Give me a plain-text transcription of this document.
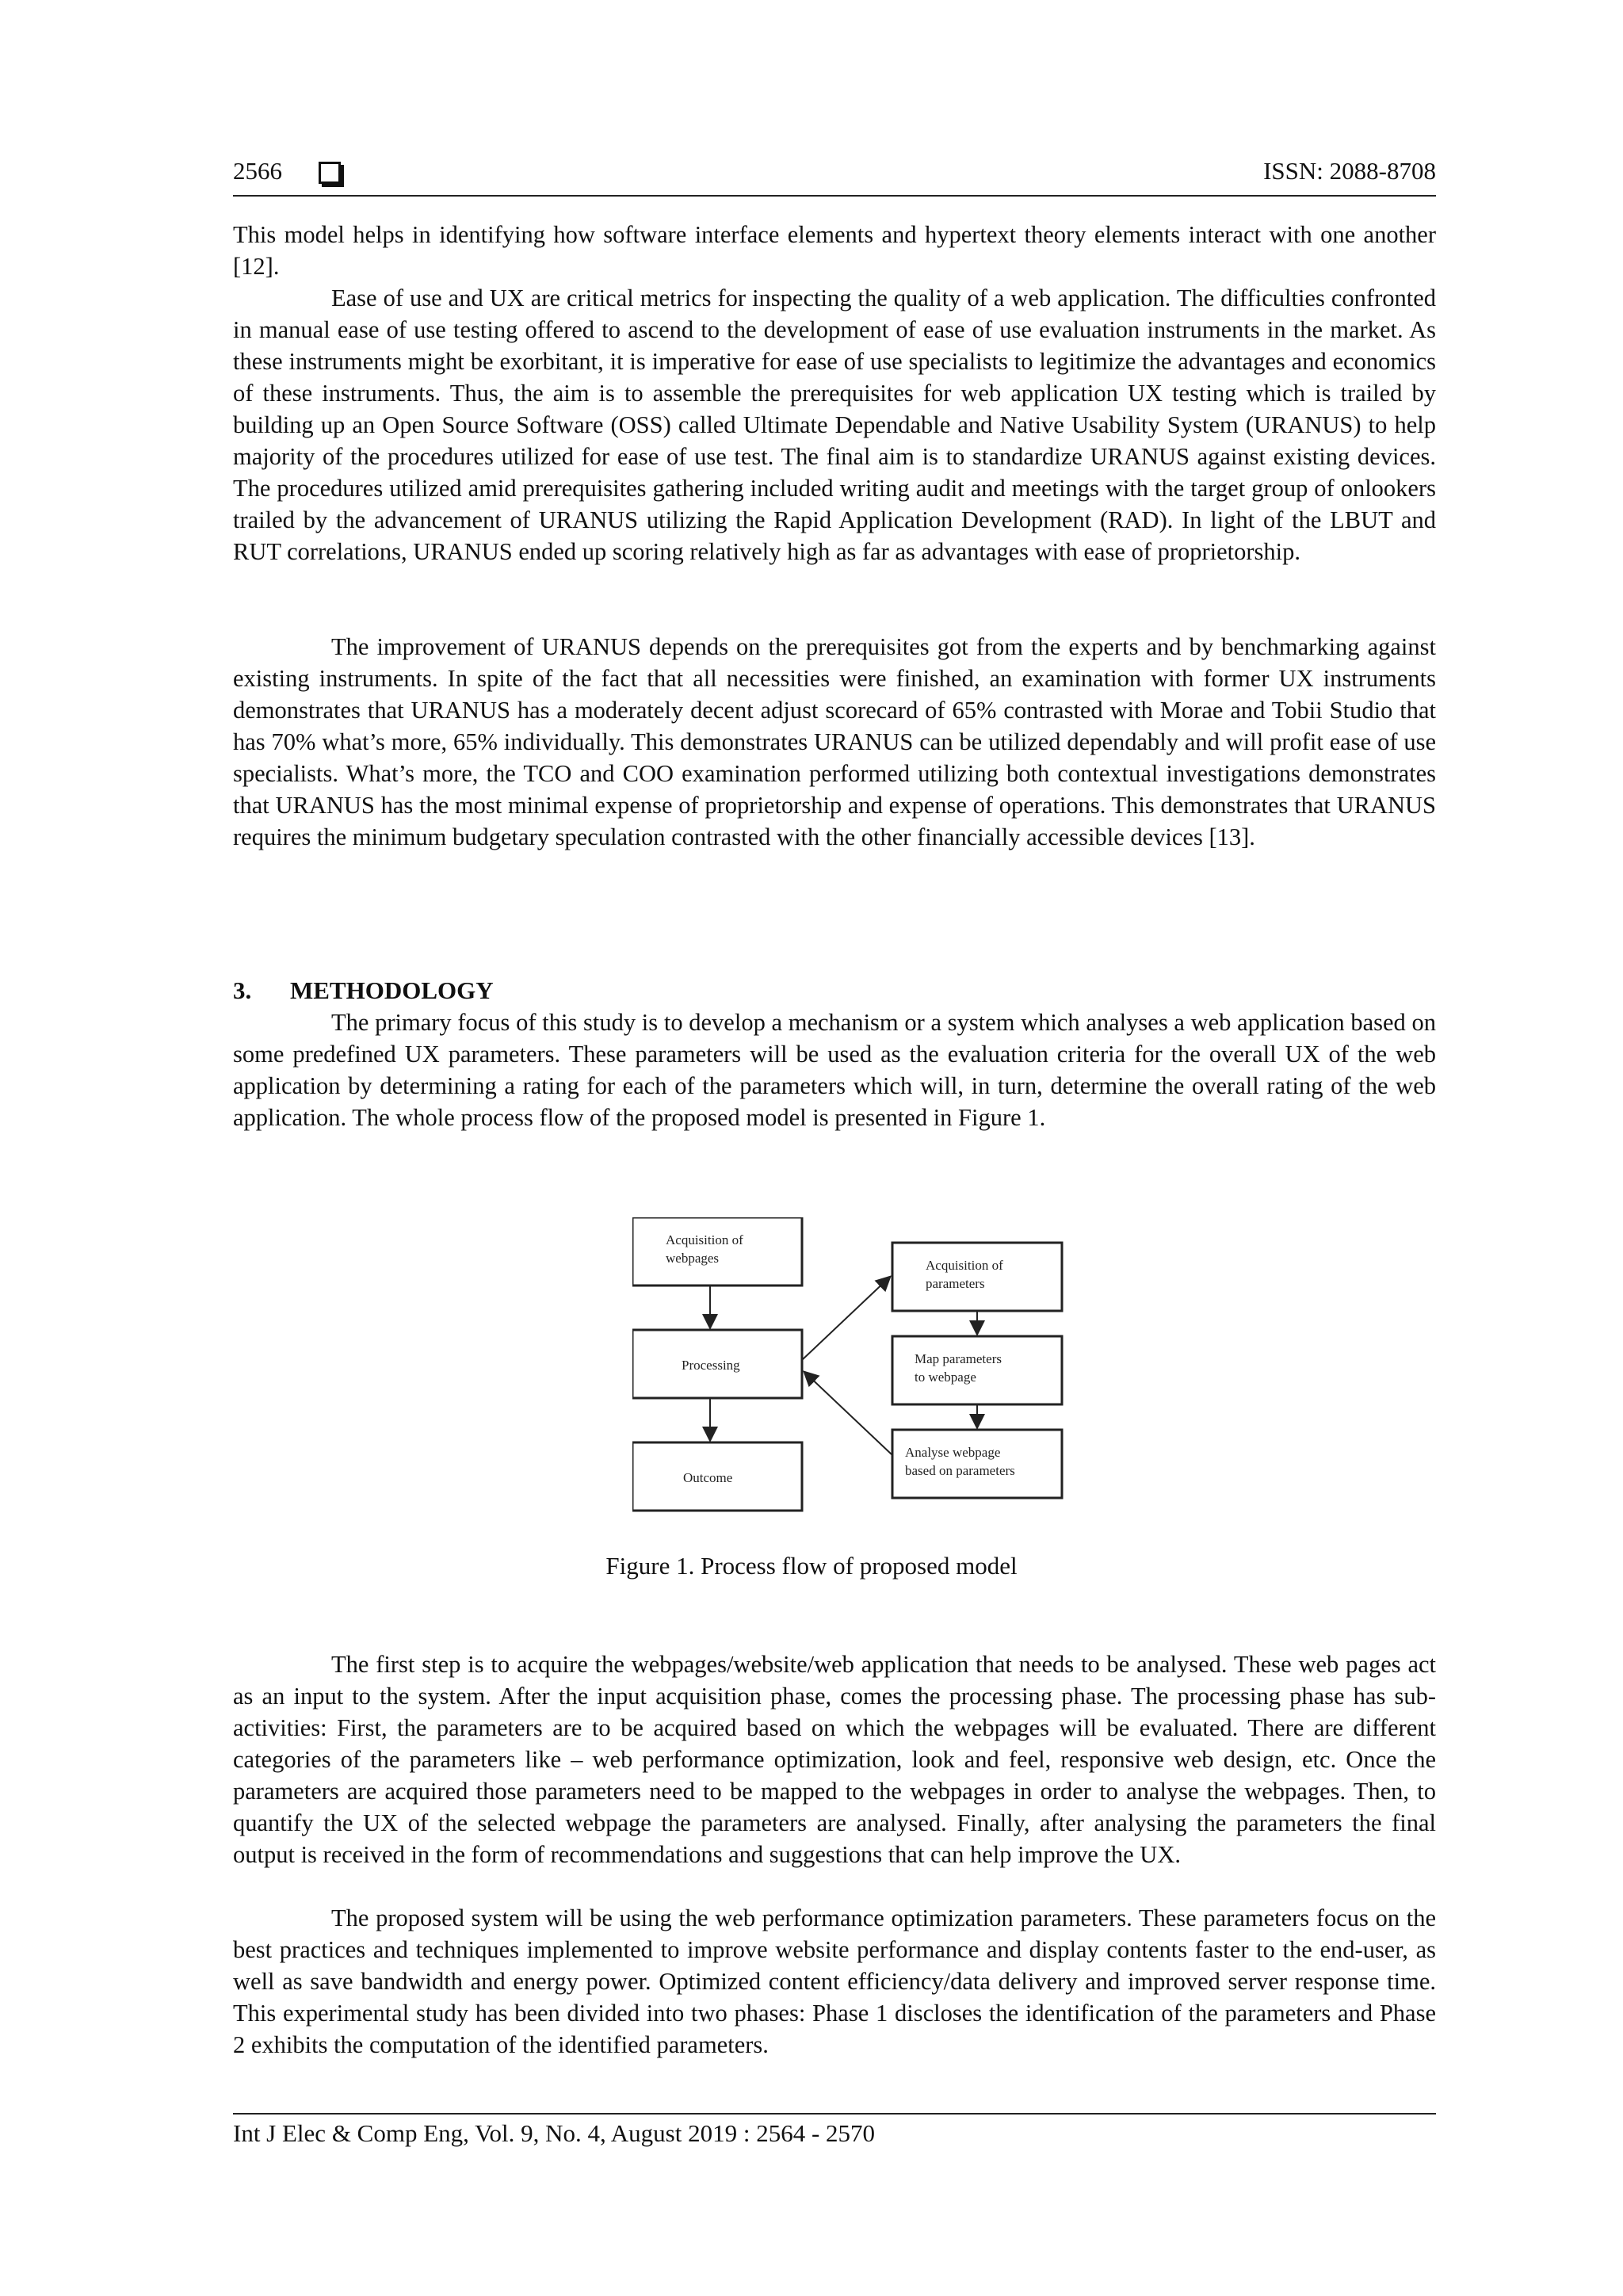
2566	ISSN: 2088-8708

This model helps in identifying how software interface elements and hypertext theory elements interact with one another [12].

Ease of use and UX are critical metrics for inspecting the quality of a web application. The difficulties confronted in manual ease of use testing offered to ascend to the development of ease of use evaluation instruments in the market. As these instruments might be exorbitant, it is imperative for ease of use specialists to legitimize the advantages and economics of these instruments. Thus, the aim is to assemble the prerequisites for web application UX testing which is trailed by building up an Open Source Software (OSS) called Ultimate Dependable and Native Usability System (URANUS) to help majority of the procedures utilized for ease of use test. The final aim is to standardize URANUS against existing devices. The procedures utilized amid prerequisites gathering included writing audit and meetings with the target group of onlookers trailed by the advancement of URANUS utilizing the Rapid Application Development (RAD). In light of the LBUT and RUT correlations, URANUS ended up scoring relatively high as far as advantages with ease of proprietorship.

The improvement of URANUS depends on the prerequisites got from the experts and by benchmarking against existing instruments. In spite of the fact that all necessities were finished, an examination with former UX instruments demonstrates that URANUS has a moderately decent adjust scorecard of 65% contrasted with Morae and Tobii Studio that has 70% what’s more, 65% individually. This demonstrates URANUS can be utilized dependably and will profit ease of use specialists. What’s more, the TCO and COO examination performed utilizing both contextual investigations demonstrates that URANUS has the most minimal expense of proprietorship and expense of operations. This demonstrates that URANUS requires the minimum budgetary speculation contrasted with the other financially accessible devices [13].

3. METHODOLOGY

The primary focus of this study is to develop a mechanism or a system which analyses a web application based on some predefined UX parameters. These parameters will be used as the evaluation criteria for the overall UX of the web application by determining a rating for each of the parameters which will, in turn, determine the overall rating of the web application. The whole process flow of the proposed model is presented in Figure 1.

Acquisition of
webpages
Processing
Outcome
Acquisition of
parameters
Map parameters
to webpage
Analyse webpage
based on parameters

Figure 1. Process flow of proposed model

The first step is to acquire the webpages/website/web application that needs to be analysed. These web pages act as an input to the system. After the input acquisition phase, comes the processing phase. The processing phase has sub-activities: First, the parameters are to be acquired based on which the webpages will be evaluated. There are different categories of the parameters like – web performance optimization, look and feel, responsive web design, etc. Once the parameters are acquired those parameters need to be mapped to the webpages in order to analyse the webpages. Then, to quantify the UX of the selected webpage the parameters are analysed. Finally, after analysing the parameters the final output is received in the form of recommendations and suggestions that can help improve the UX.

The proposed system will be using the web performance optimization parameters. These parameters focus on the best practices and techniques implemented to improve website performance and display contents faster to the end-user, as well as save bandwidth and energy power. Optimized content efficiency/data delivery and improved server response time. This experimental study has been divided into two phases: Phase 1 discloses the identification of the parameters and Phase 2 exhibits the computation of the identified parameters.

Int J Elec & Comp Eng, Vol. 9, No. 4, August 2019 : 2564 - 2570
